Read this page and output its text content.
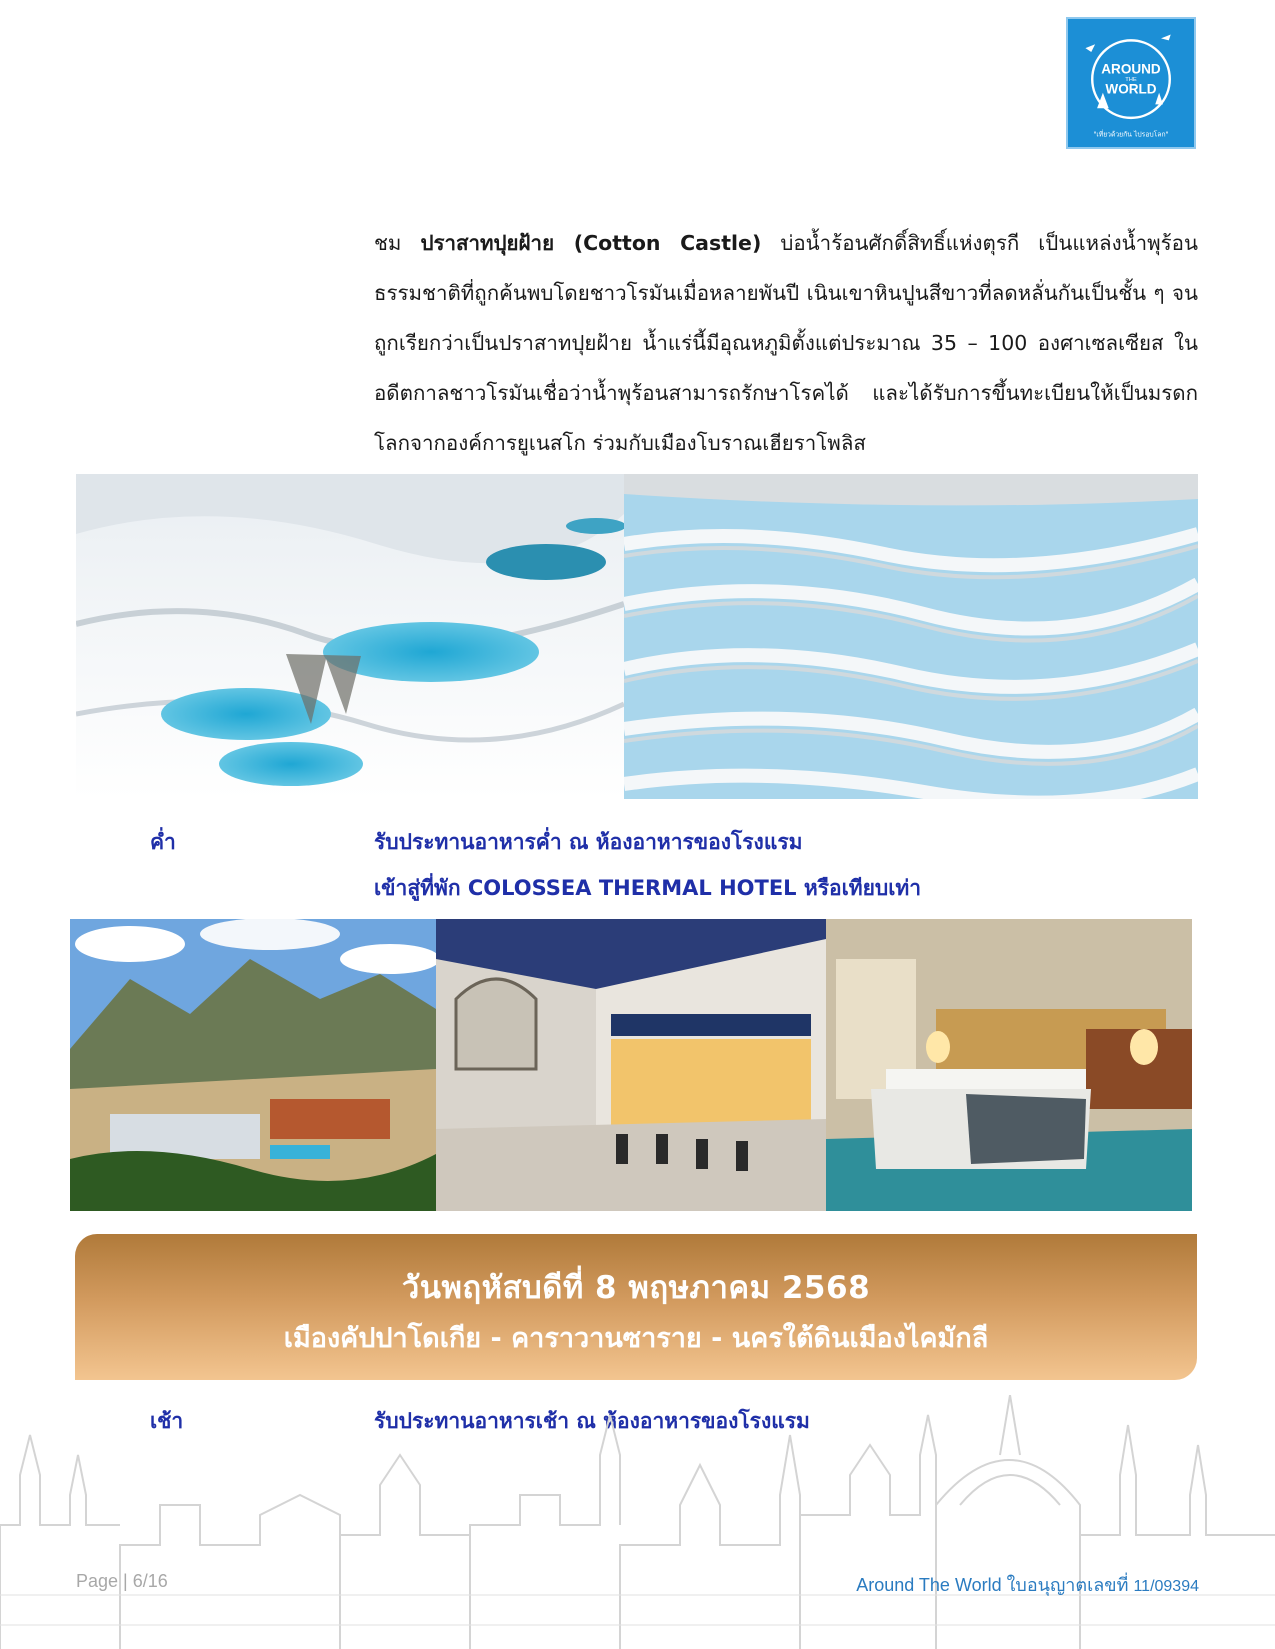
AROUND
THE
WORLD
"เที่ยวด้วยกัน ไปรอบโลก"
ชม ปราสาทปุยฝ้าย (Cotton Castle) บ่อน้ำร้อนศักดิ์สิทธิ์แห่งตุรกี เป็นแหล่งน้ำพุร้อนธรรมชาติที่ถูกค้นพบโดยชาวโรมันเมื่อหลายพันปี เนินเขาหินปูนสีขาวที่ลดหลั่นกันเป็นชั้น ๆ จนถูกเรียกว่าเป็นปราสาทปุยฝ้าย น้ำแร่นี้มีอุณหภูมิตั้งแต่ประมาณ 35 – 100 องศาเซลเซียส ในอดีตกาลชาวโรมันเชื่อว่าน้ำพุร้อนสามารถรักษาโรคได้ และได้รับการขึ้นทะเบียนให้เป็นมรดกโลกจากองค์การยูเนสโก ร่วมกับเมืองโบราณเฮียราโพลิส
ค่ำ	รับประทานอาหารค่ำ ณ ห้องอาหารของโรงแรม
เข้าสู่ที่พัก COLOSSEA THERMAL HOTEL หรือเทียบเท่า
วันพฤหัสบดีที่ 8 พฤษภาคม 2568
เมืองคัปปาโดเกีย - คาราวานซาราย - นครใต้ดินเมืองไคมักลี
เช้า	รับประทานอาหารเช้า ณ ห้องอาหารของโรงแรม
Page | 6/16	Around The World ใบอนุญาตเลขที่ 11/09394
